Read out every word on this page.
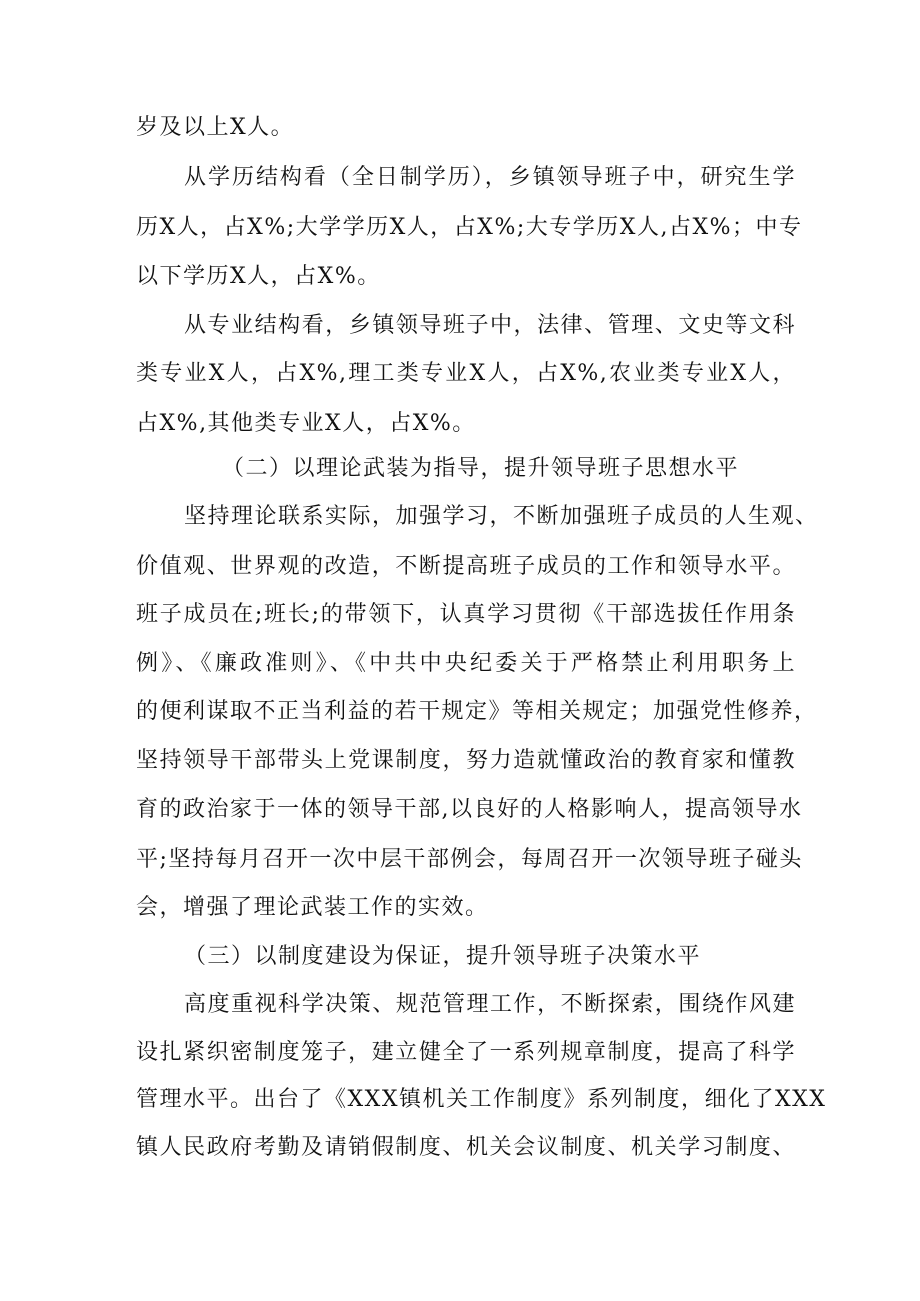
岁及以上X人。
从学历结构看（全日制学历），乡镇领导班子中，研究生学
历X人，占X%;大学学历X人，占X%;大专学历X人,占X%；中专
以下学历X人，占X%。
从专业结构看，乡镇领导班子中，法律、管理、文史等文科
类专业X人，占X%,理工类专业X人，占X%,农业类专业X人，
占X%,其他类专业X人，占X%。
（二）以理论武装为指导，提升领导班子思想水平
坚持理论联系实际，加强学习，不断加强班子成员的人生观、
价值观、世界观的改造，不断提高班子成员的工作和领导水平。
班子成员在;班长;的带领下，认真学习贯彻《干部选拔任作用条
例》、《廉政准则》、《中共中央纪委关于严格禁止利用职务上
的便利谋取不正当利益的若干规定》等相关规定；加强党性修养，
坚持领导干部带头上党课制度，努力造就懂政治的教育家和懂教
育的政治家于一体的领导干部,以良好的人格影响人，提高领导水
平;坚持每月召开一次中层干部例会，每周召开一次领导班子碰头
会，增强了理论武装工作的实效。
（三）以制度建设为保证，提升领导班子决策水平
高度重视科学决策、规范管理工作，不断探索，围绕作风建
设扎紧织密制度笼子，建立健全了一系列规章制度，提高了科学
管理水平。出台了《XXX镇机关工作制度》系列制度，细化了XXX
镇人民政府考勤及请销假制度、机关会议制度、机关学习制度、
